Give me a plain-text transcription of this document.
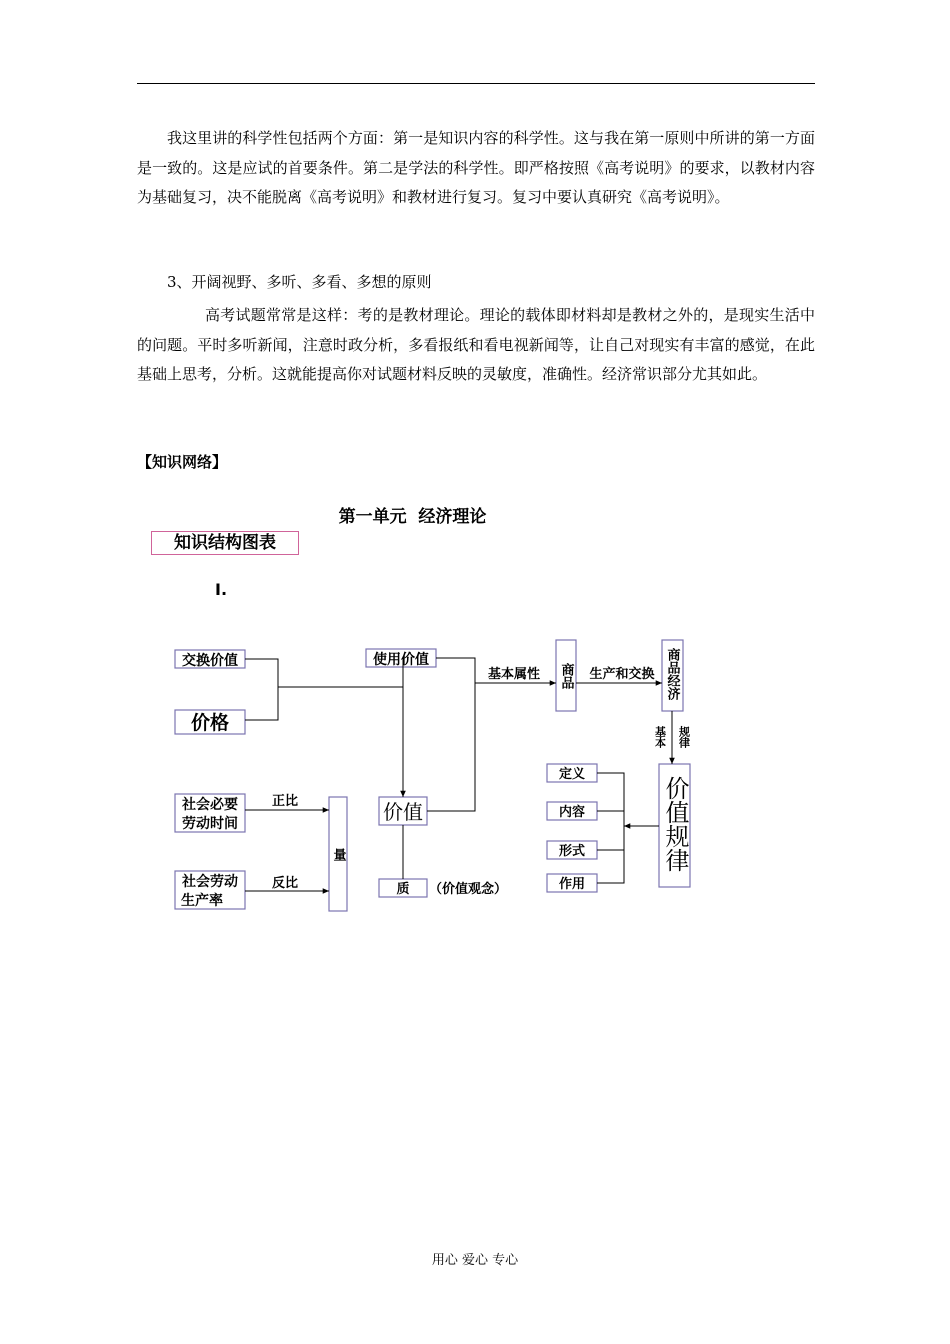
我这里讲的科学性包括两个方面：第一是知识内容的科学性。这与我在第一原则中所讲的第一方面是一致的。这是应试的首要条件。第二是学法的科学性。即严格按照《高考说明》的要求，以教材内容为基础复习，决不能脱离《高考说明》和教材进行复习。复习中要认真研究《高考说明》。

3、开阔视野、多听、多看、多想的原则

高考试题常常是这样：考的是教材理论。理论的载体即材料却是教材之外的，是现实生活中的问题。平时多听新闻，注意时政分析，多看报纸和看电视新闻等，让自己对现实有丰富的感觉，在此基础上思考，分析。这就能提高你对试题材料反映的灵敏度，准确性。经济常识部分尤其如此。

【知识网络】
第一单元  经济理论
知识结构图表
I.
交换价值
价格
使用价值
基本属性 商品 生产和交换 商品经济
规律
基本
价值规律
定义
内容
形式
作用
社会必要
劳动时间
正比
社会劳动
生产率
反比
量
价值
质 （价值观念）
用心 爱心 专心
